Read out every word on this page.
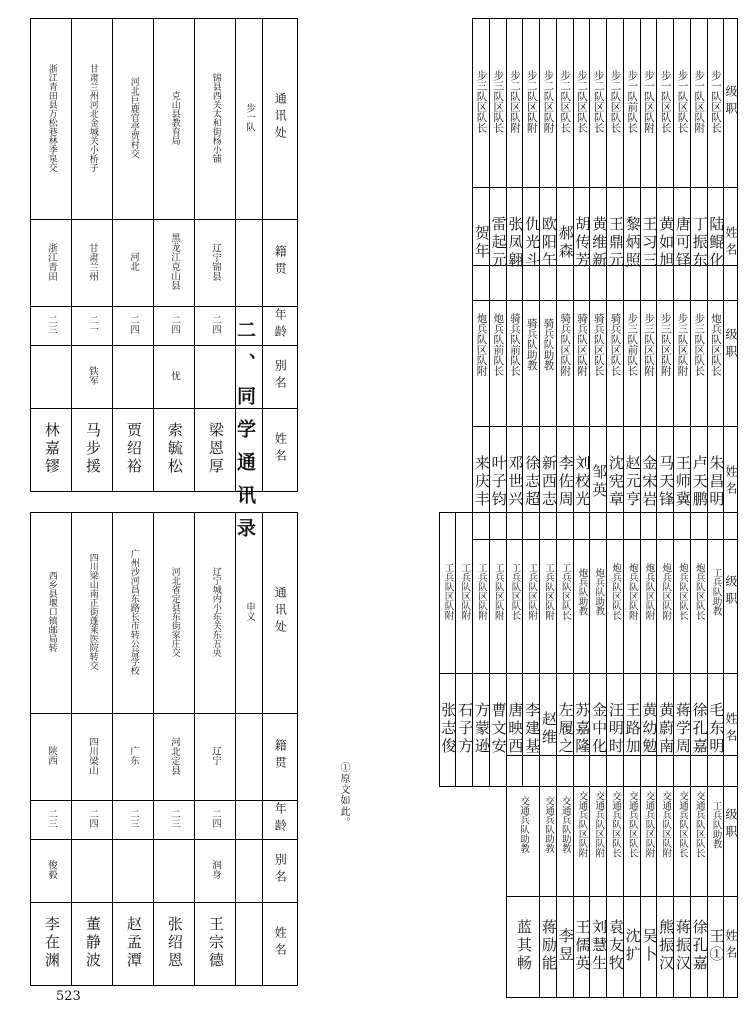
二、同学通讯录
步三队区队长	步三队区队长	步二队区队附	步二队区队附	步二队区队附	步二队区队长	步二队区队长	步二队区队长	步二队区队长	步一队前队长	步一队区队附	步一队区队长	步一队区队长	步一队区队附	步一队区队长	级职
贺年	雷起元	张凤翱	仇光斗	欧阳午	郝森	胡传芳	黄维新	王鼎元	黎炳照	王习三	黄如旭	唐可铎	丁振东	陆鲲化	姓名
炮兵队区队附	炮兵队前队长	骑兵队前队长	骑兵队助教	骑兵队助教	骑兵队区队附	骑兵队区队附	骑兵队区队长	骑兵队区队长	步三队前队长	步三队区队附	步三队区队附	步三队区队附	步三队区队长	炮兵队区队长	级职
来庆丰	叶子钧	邓世兴	徐志超	新西志	李佐周	刘校光	邹英	沈宪章	赵元亨	金宋岩	马天锋	王师冀	卢天鹏	朱昌明	姓名
工兵队区队附	工兵队区队附	工兵队区队附	工兵队区队附	工兵队区队长	工兵队区队附	工兵队区队附	工兵队区队长	炮兵队助教	炮兵队助教	炮兵队区队长	炮兵队区队附	炮兵队区队附	炮兵队区队附	炮兵队区队长	炮兵队区队长	工兵队助教	级职
张志俊	石子方	方蒙逊	曹文安	唐映西	李建基	赵维	左履之	苏嘉隆	金中化	汪明时	王路加	黄幼勉	黄蔚南	蒋学周	徐孔嘉	毛东明	姓名
交通兵队助教	交通兵队助教	交通兵队助教	交通兵队区队附	交通兵队区队附	交通兵队区队长	交通兵队区队长	交通兵队区队附	交通兵队区队附	交通兵队区队长	交通兵队区队长	工兵队助教	级职
蓝其畅	蒋励能	李昱	王儒英	刘慧生	袁友牧	沈扩	吴卜	熊振汉	蒋振汉	徐孔嘉	王①	姓名
浙江青田县万松巷林季泉交	甘肃兰州河北金城关小桥子	河北巨鹿官亭贾村交	克山县教育局	锦县西关太和街杨小铺	步一队	通讯处
浙江青田	甘肃兰州	河北	黑龙江克山县	辽宁锦县		籍贯
二三	二一	二四	二四	二四		年龄
	铁军		忧			别名
林嘉镠	马步援	贾绍裕	索毓松	梁恩厚		姓名
西乡县堰口镇邮局转	四川梁山南正街蓬莱医院转交	广州沙河昌东路长市转公益学校	河北省定县东街家庄交	辽宁城内小东关东五央	申义	通讯处
陕西	四川梁山	广东	河北定县	辽宁		籍贯
二三	二四	二三	二三	二四		年龄
俊毅				润身		别名
李在渊	董静波	赵孟潭	张绍恩	王宗德		姓名
①原文如此。
523
